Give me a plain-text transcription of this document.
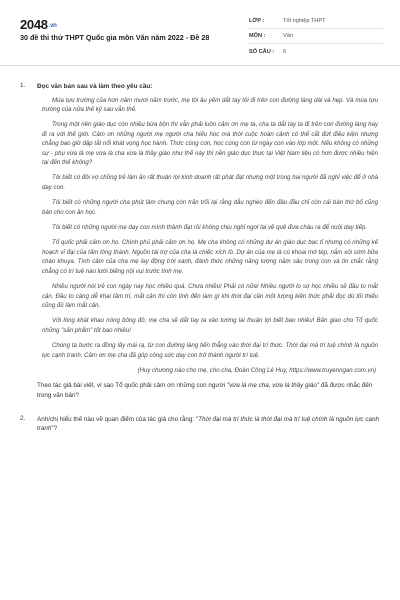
2048.vn
30 đề thi thử THPT Quốc gia môn Văn năm 2022 - Đề 28
LỚP :	Tốt nghiệp THPT
MÔN :	Văn
SỐ CÂU :	6
1. Đọc văn bản sau và làm theo yêu cầu:

Mùa tựu trường của hơn năm mươi năm trước, mẹ tôi âu yếm dắt tay tôi đi trên con đường làng dài và hẹp. Và mùa tựu trường của nửa thế kỷ sau vẫn thế.

Trong một nền giáo dục còn nhiều bừa bộn thì vẫn phải luôn cảm ơn mẹ ta, cha ta dắt tay ta đi trên con đường làng hay đi ra với thế giới. Cảm ơn những người mẹ người cha hiếu học mà thời cuộc hoàn cảnh có thể cắt đứt điều kiện nhưng chẳng bao giờ dập tắt nổi khát vọng học hành. Thức cùng con, học cùng con từ ngày con vào lớp một. Nếu không có những sự - phụ vừa là mẹ vừa là cha vừa là thầy giáo như thế này thì nền giáo dục thực tại Việt Nam liệu có hơn được nhiều hiện tại đến thế không?

Tôi biết có đôi vợ chồng trẻ làm ăn rất thuận lợi kinh doanh rất phát đạt nhưng một trong hai người đã nghỉ việc để ở nhà dạy con.

Tôi biết có những người cha phút lâm chung còn trăn trối lại rằng dẫu nghèo đến đâu đầu chỉ còn cái bàn thờ bố cũng bán cho con ăn học.

Tôi biết có những người mẹ dạy con mình thành đạt rồi không chịu nghỉ ngơi lại về quê đưa cháu ra để nuôi dạy tiếp.

Tổ quốc phải cảm ơn họ. Chính phủ phải cảm ơn họ. Mẹ cha không có những dự án giáo dục bạc tỉ nhưng có những kế hoạch vĩ đại của tấm lòng thành. Nguồn tài trợ của cha là chiếc xích lô. Dự án của mẹ là cú khoai mớ tép, nắm xôi sớm bữa cháo khuya. Tình cảm của cha mẹ lay động trời xanh, đánh thức những năng lượng năm sâu trong con và tin chắc rằng chẳng có trí tuệ nào lười biếng nội vụi trước tình mẹ.

Nhiều người nói trẻ con ngày nay học nhiều quá. Chưa nhiều! Phải có nữa! Nhiều người lo sợ học nhiều sẽ đầu to mắt cận. Đầu to càng dễ khai tâm trí, mắt cận thì còn tinh đến làm gì khi thời đại cần một lượng kiến thức phải đọc dù tối thiểu cũng đủ làm mắt cận.

Với lòng khát khao nóng bỏng đó, mẹ cha sẽ dắt tay ta vào tương lai thuận lợi biết bao nhiêu! Bản giao cho Tổ quốc những "sản phẩm" tốt bao nhiêu!

Chúng ta bước ra đồng lấy mái rạ, từ con đường làng tiến thẳng vào thời đại trí thức. Thời đại mà trí tuệ chính là nguồn lực cạnh tranh. Cảm ơn mẹ cha đã góp công sức dạy con trở thành người trí tuệ.

(Huy chương nào cho mẹ, cho cha, Đoàn Công Lê Huy, https://www.truyenngan.com.vn)

Theo tác giả bài viết, vì sao Tổ quốc phải cảm ơn những con người "vừa là mẹ cha, vừa là thầy giáo" đã được nhắc đến trong văn bản?

2. Anh/chị hiểu thế nào về quan điểm của tác giả cho rằng: "Thời đại mà trí thức là thời đại mà trí tuệ chính là nguồn lực cạnh tranh"?
